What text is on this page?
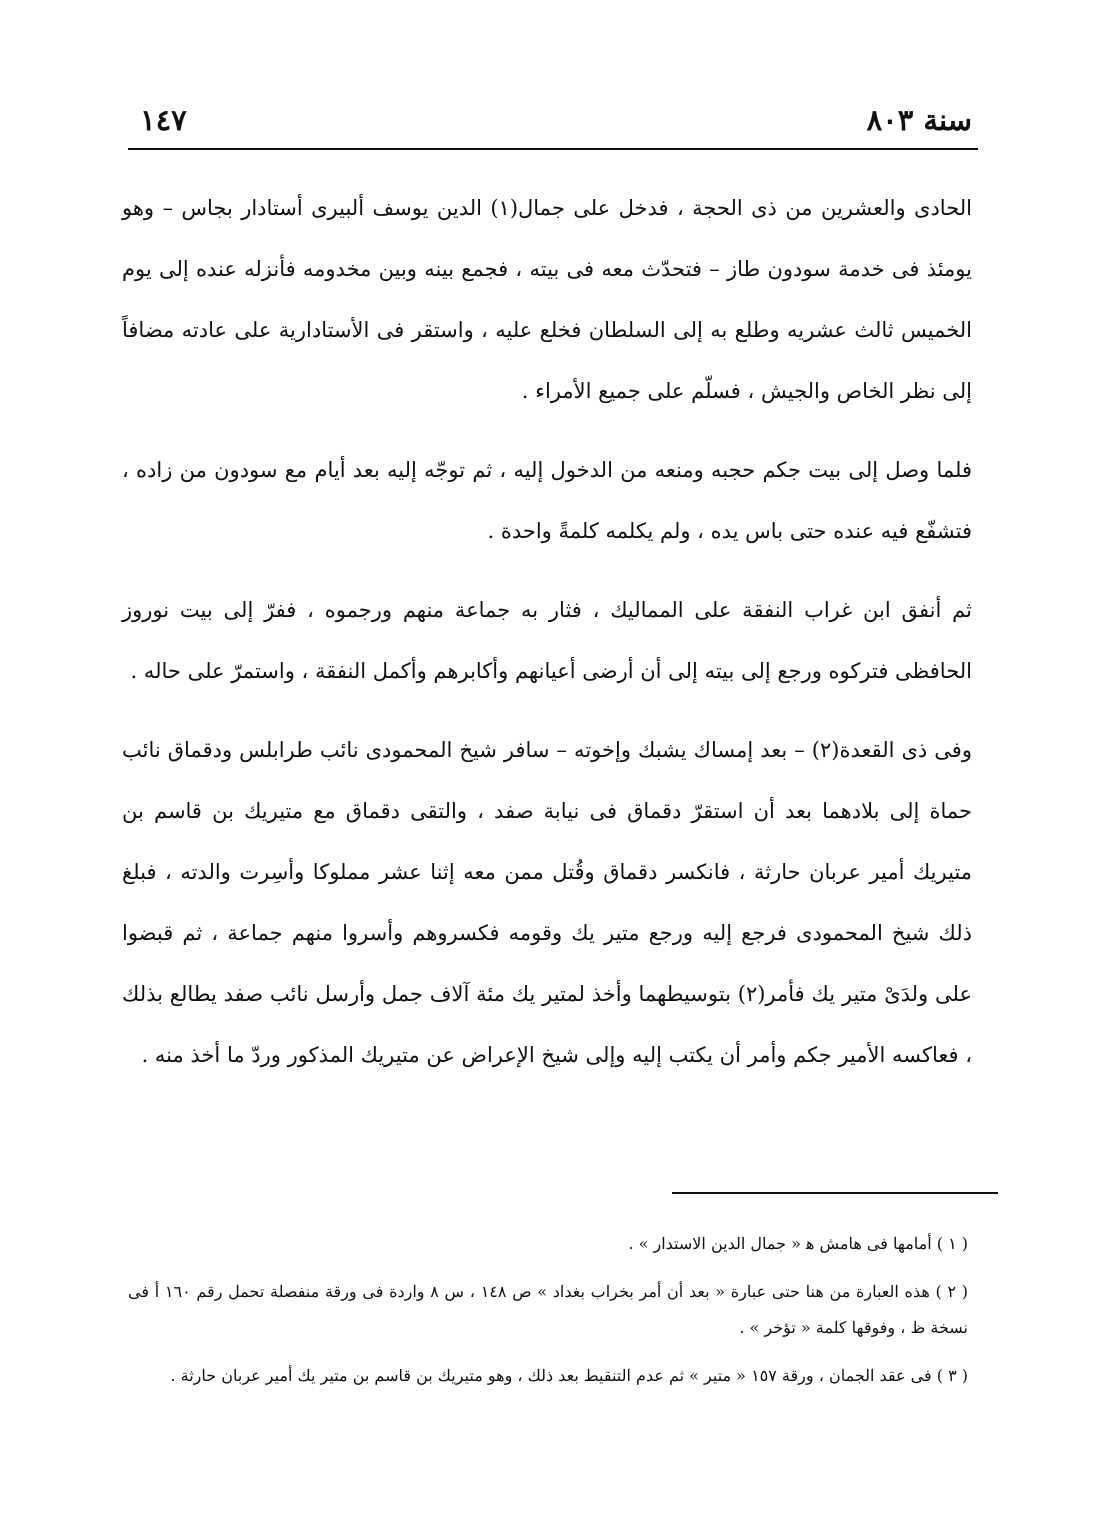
سنة ٨٠٣
١٤٧

الحادى والعشرين من ذى الحجة ، فدخل على جمال(١) الدين يوسف ألبيرى أستادار بجاس – وهو يومئذ فى خدمة سودون طاز – فتحدّث معه فى بيته ، فجمع بينه وبين مخدومه فأنزله عنده إلى يوم الخميس ثالث عشريه وطلع به إلى السلطان فخلع عليه ، واستقر فى الأستادارية على عادته مضافاً إلى نظر الخاص والجيش ، فسلّم على جميع الأمراء .

فلما وصل إلى بيت جكم حجبه ومنعه من الدخول إليه ، ثم توجّه إليه بعد أيام مع سودون من زاده ، فتشفّع فيه عنده حتى باس يده ، ولم يكلمه كلمةً واحدة .

ثم أنفق ابن غراب النفقة على المماليك ، فثار به جماعة منهم ورجموه ، ففرّ إلى بيت نوروز الحافظى فتركوه ورجع إلى بيته إلى أن أرضى أعيانهم وأكابرهم وأكمل النفقة ، واستمرّ على حاله .

وفى ذى القعدة(٢) – بعد إمساك يشبك وإخوته – سافر شيخ المحمودى نائب طرابلس ودقماق نائب حماة إلى بلادهما بعد أن استقرّ دقماق فى نيابة صفد ، والتقى دقماق مع متيريك بن قاسم بن متيريك أمير عربان حارثة ، فانكسر دقماق وقُتل ممن معه إثنا عشر مملوكا وأسِرت والدته ، فبلغ ذلك شيخ المحمودى فرجع إليه ورجع متير يك وقومه فكسروهم وأسروا منهم جماعة ، ثم قبضوا على ولدَىْ متير يك فأمر(٢) بتوسيطهما وأخذ لمتير يك مئة آلاف جمل وأرسل نائب صفد يطالع بذلك ، فعاكسه الأمير جكم وأمر أن يكتب إليه وإلى شيخ الإعراض عن متيريك المذكور وردّ ما أخذ منه .

( ١ ) أمامها فى هامش ﻫ « جمال الدين الاستدار » .

( ٢ ) هذه العبارة من هنا حتى عبارة « بعد أن أمر بخراب بغداد » ص ١٤٨ ، س ٨ واردة فى ورقة منفصلة تحمل رقم ١٦٠ أ فى نسخة ظ ، وفوقها كلمة « تؤخر » .

( ٣ ) فى عقد الجمان ، ورقة ١٥٧ « متير » ثم عدم التنقيط بعد ذلك ، وهو متيريك بن قاسم بن متير يك أمير عربان حارثة .
